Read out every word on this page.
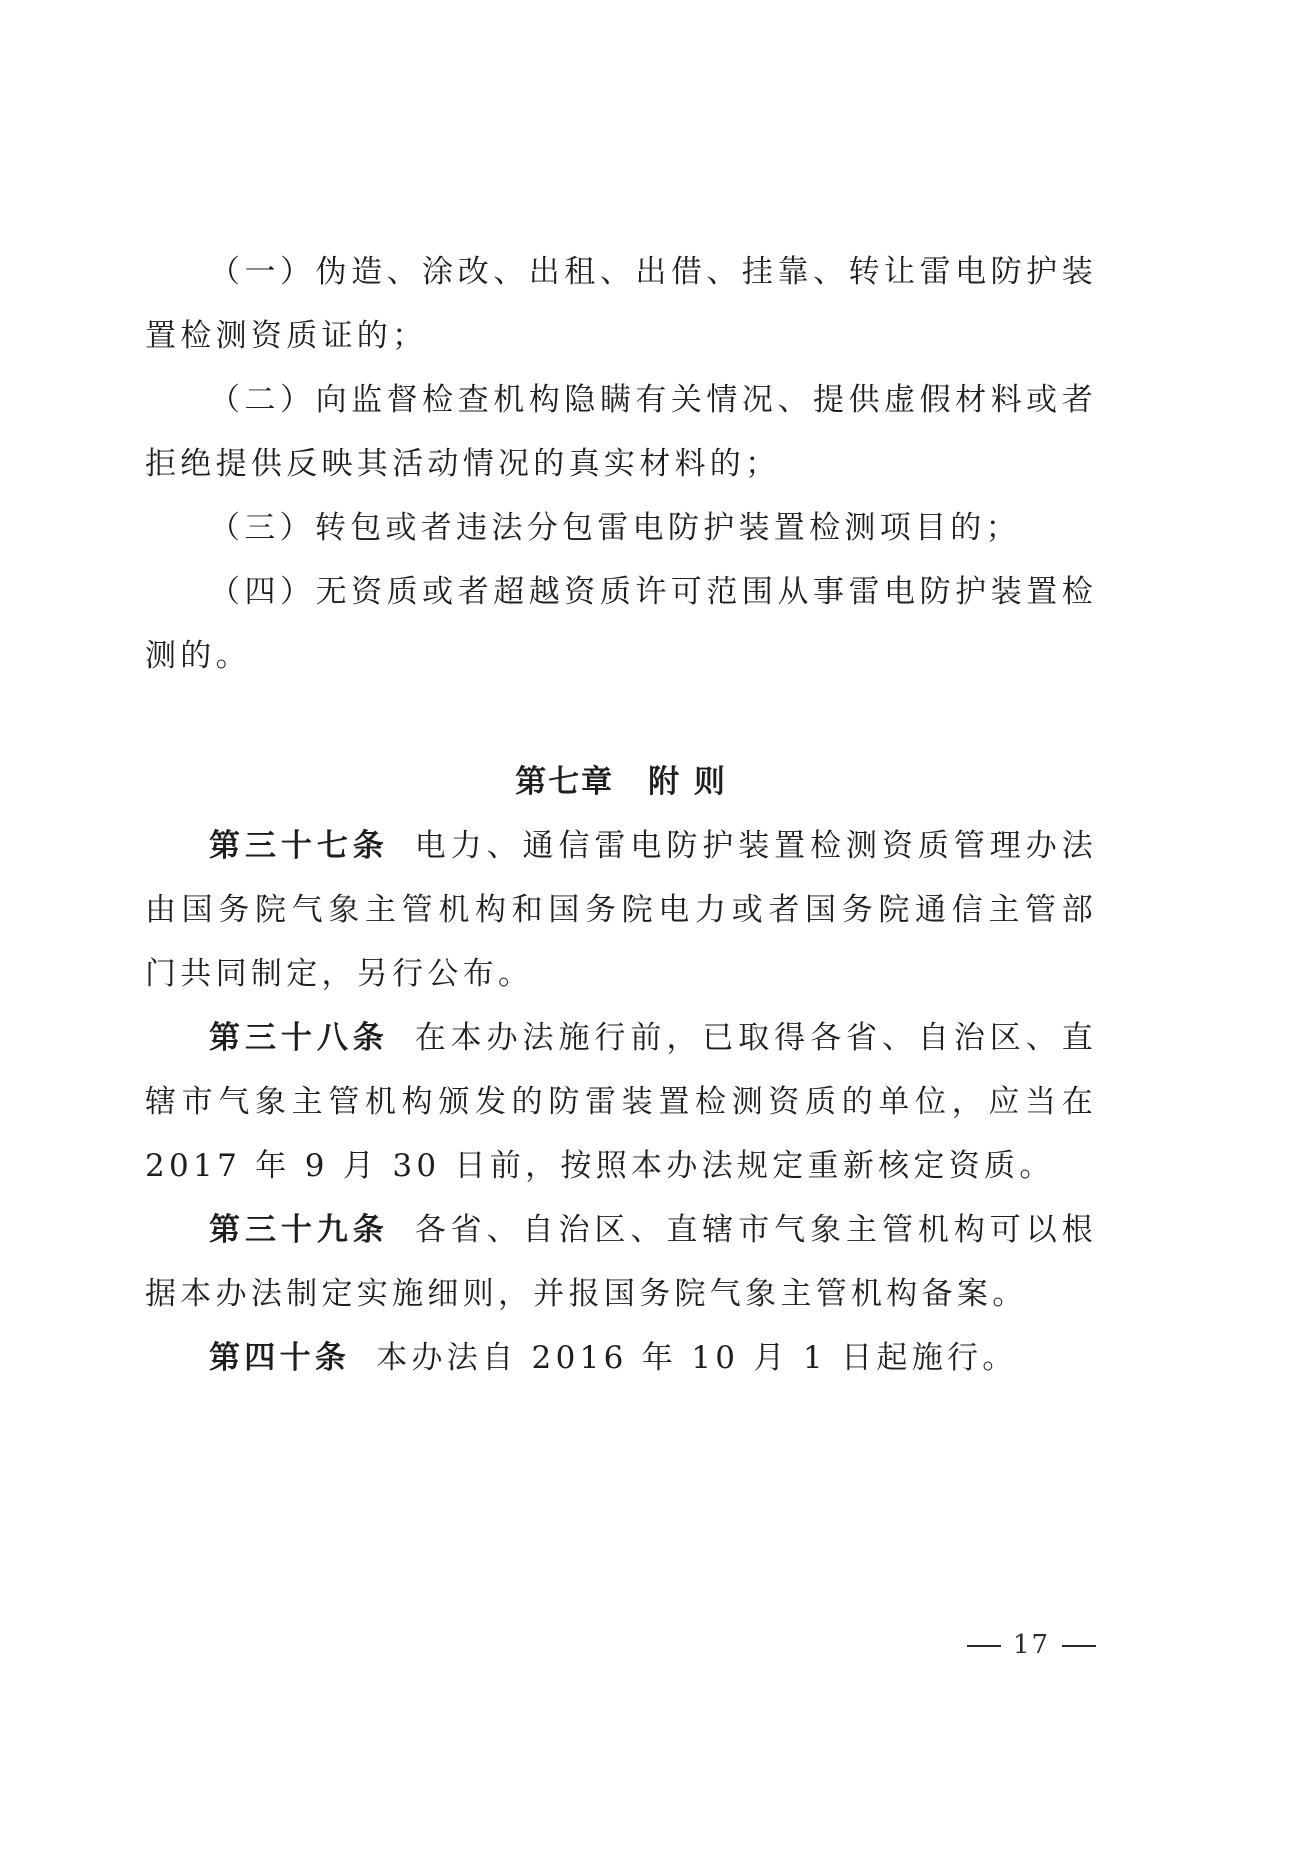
（一）伪造、涂改、出租、出借、挂靠、转让雷电防护装置检测资质证的；

（二）向监督检查机构隐瞒有关情况、提供虚假材料或者拒绝提供反映其活动情况的真实材料的；

（三）转包或者违法分包雷电防护装置检测项目的；

（四）无资质或者超越资质许可范围从事雷电防护装置检测的。

第七章 附 则

第三十七条 电力、通信雷电防护装置检测资质管理办法由国务院气象主管机构和国务院电力或者国务院通信主管部门共同制定，另行公布。

第三十八条 在本办法施行前，已取得各省、自治区、直辖市气象主管机构颁发的防雷装置检测资质的单位，应当在 2017 年 9 月 30 日前，按照本办法规定重新核定资质。

第三十九条 各省、自治区、直辖市气象主管机构可以根据本办法制定实施细则，并报国务院气象主管机构备案。

第四十条 本办法自 2016 年 10 月 1 日起施行。

17
